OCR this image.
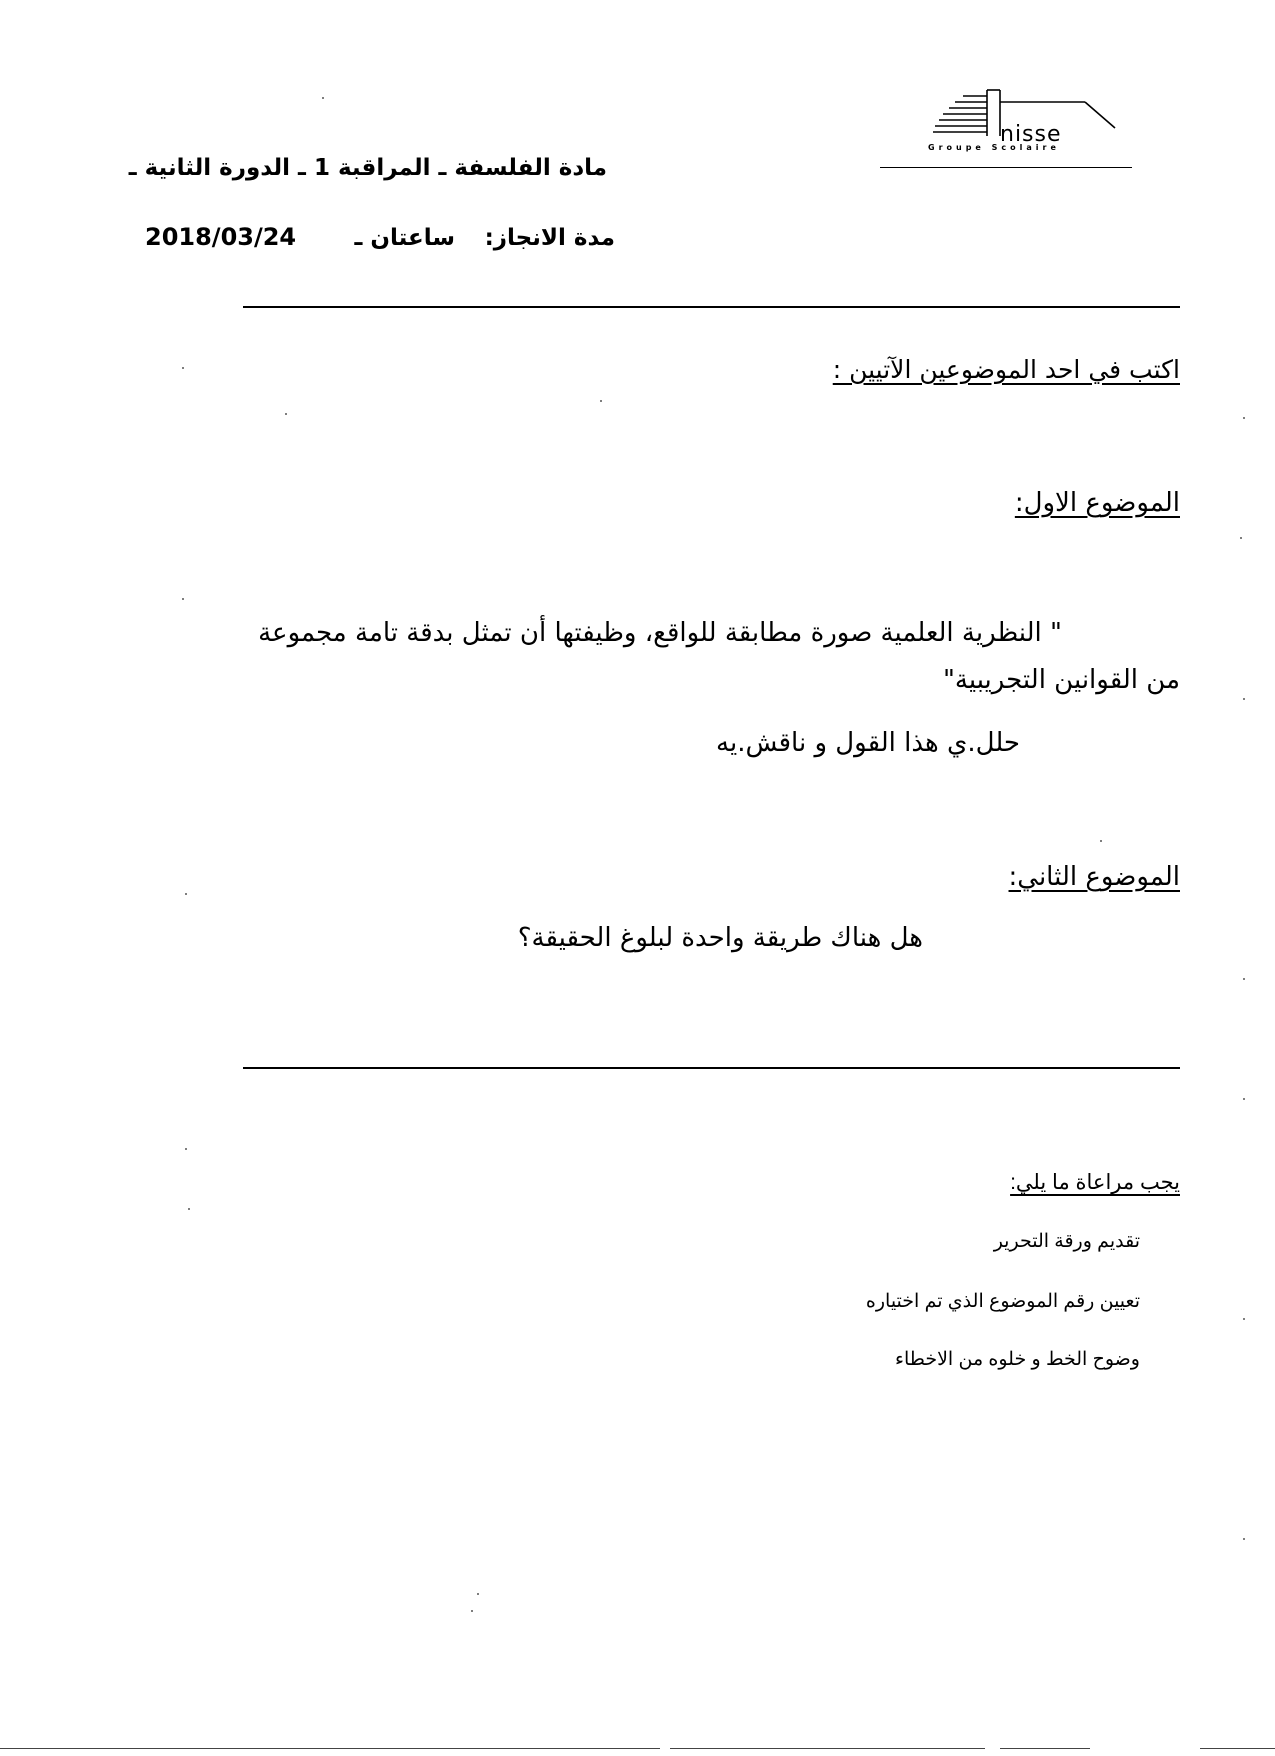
nisse
Groupe Scolaire
مادة الفلسفة ـ المراقبة 1 ـ الدورة الثانية ـ
مدة الانجاز:
ساعتان ـ
2018/03/24
اكتب في احد الموضوعين الآتيين :
الموضوع الاول:
" النظرية العلمية صورة مطابقة للواقع، وظيفتها أن تمثل بدقة تامة مجموعة
من القوانين التجريبية"
حلل.ي هذا القول و ناقش.يه
الموضوع الثاني:
هل هناك طريقة واحدة لبلوغ الحقيقة؟
يجب مراعاة ما يلي:
تقديم ورقة التحرير
تعيين رقم الموضوع الذي تم اختياره
وضوح الخط و خلوه من الاخطاء
